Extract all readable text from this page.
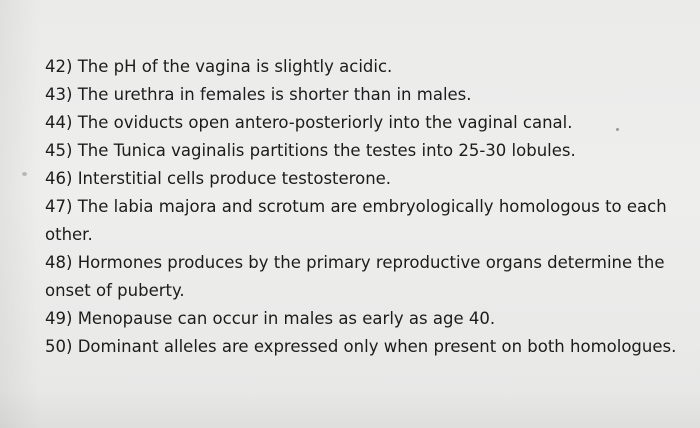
42) The pH of the vagina is slightly acidic.
43) The urethra in females is shorter than in males.
44) The oviducts open antero-posteriorly into the vaginal canal.
45) The Tunica vaginalis partitions the testes into 25-30 lobules.
46) Interstitial cells produce testosterone.
47) The labia majora and scrotum are embryologically homologous to each other.
48) Hormones produces by the primary reproductive organs determine the onset of puberty.
49) Menopause can occur in males as early as age 40.
50) Dominant alleles are expressed only when present on both homologues.
